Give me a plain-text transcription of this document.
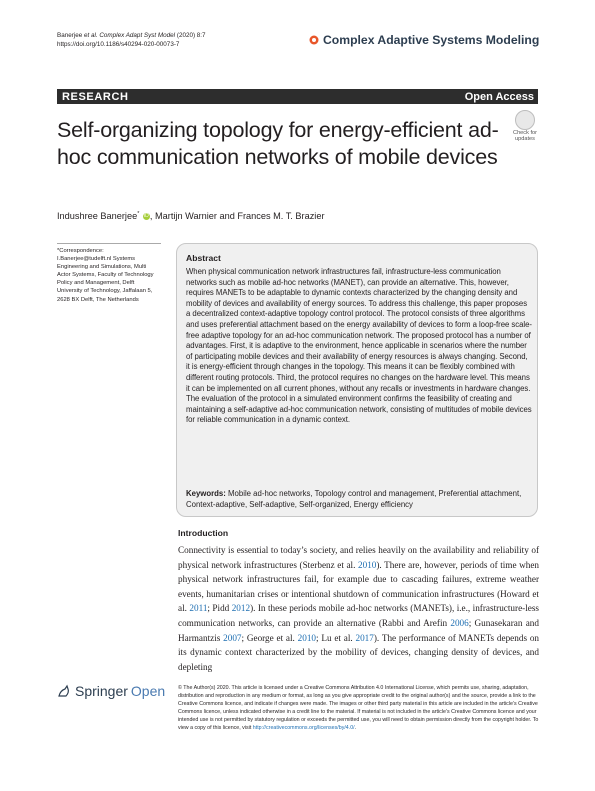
Banerjee et al. Complex Adapt Syst Model (2020) 8:7
https://doi.org/10.1186/s40294-020-00073-7	Complex Adaptive Systems Modeling
RESEARCH	Open Access
Self-organizing topology for energy-efficient ad-hoc communication networks of mobile devices
Check for updates
Indushree Banerjee* iD, Martijn Warnier and Frances M. T. Brazier
*Correspondence: I.Banerjee@tudelft.nl Systems Engineering and Simulations, Multi Actor Systems, Faculty of Technology Policy and Management, Delft University of Technology, Jaffalaan 5, 2628 BX Delft, The Netherlands
Abstract
When physical communication network infrastructures fail, infrastructure-less communication networks such as mobile ad-hoc networks (MANET), can provide an alternative. This, however, requires MANETs to be adaptable to dynamic contexts characterized by the changing density and mobility of devices and availability of energy sources. To address this challenge, this paper proposes a decentralized context-adaptive topology control protocol. The protocol consists of three algorithms and uses preferential attachment based on the energy availability of devices to form a loop-free scale-free adaptive topology for an ad-hoc communication network. The proposed protocol has a number of advantages. First, it is adaptive to the environment, hence applicable in scenarios where the number of participating mobile devices and their availability of energy resources is always changing. Second, it is energy-efficient through changes in the topology. This means it can be flexibly combined with different routing protocols. Third, the protocol requires no changes on the hardware level. This means it can be implemented on all current phones, without any recalls or investments in hardware changes. The evaluation of the protocol in a simulated environment confirms the feasibility of creating and maintaining a self-adaptive ad-hoc communication network, consisting of multitudes of mobile devices for reliable communication in a dynamic context.
Keywords: Mobile ad-hoc networks, Topology control and management, Preferential attachment, Context-adaptive, Self-adaptive, Self-organized, Energy efficiency
Introduction
Connectivity is essential to today’s society, and relies heavily on the availability and reliability of physical network infrastructures (Sterbenz et al. 2010). There are, however, periods of time when physical network infrastructures fail, for example due to cascading failures, extreme weather events, humanitarian crises or intentional shutdown of communication infrastructures (Howard et al. 2011; Pidd 2012). In these periods mobile ad-hoc networks (MANETs), i.e., infrastructure-less communication networks, can provide an alternative (Rabbi and Arefin 2006; Gunasekaran and Harmantzis 2007; George et al. 2010; Lu et al. 2017). The performance of MANETs depends on its dynamic context characterized by the mobility of devices, changing density of devices, and depleting
Springer Open © The Author(s) 2020. This article is licensed under a Creative Commons Attribution 4.0 International License, which permits use, sharing, adaptation, distribution and reproduction in any medium or format, as long as you give appropriate credit to the original author(s) and the source, provide a link to the Creative Commons licence, and indicate if changes were made. The images or other third party material in this article are included in the article’s Creative Commons licence, unless indicated otherwise in a credit line to the material. If material is not included in the article’s Creative Commons licence and your intended use is not permitted by statutory regulation or exceeds the permitted use, you will need to obtain permission directly from the copyright holder. To view a copy of this licence, visit http://creativecommons.org/licenses/by/4.0/.
